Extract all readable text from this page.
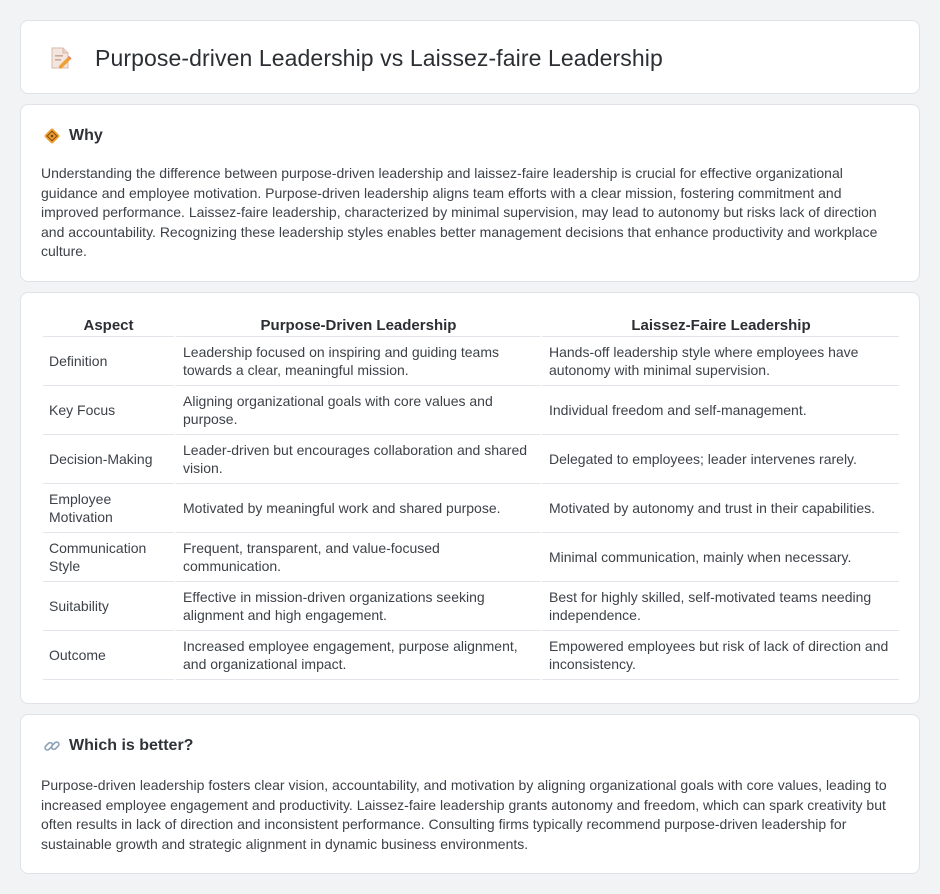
Purpose-driven Leadership vs Laissez-faire Leadership
Why

Understanding the difference between purpose-driven leadership and laissez-faire leadership is crucial for effective organizational guidance and employee motivation. Purpose-driven leadership aligns team efforts with a clear mission, fostering commitment and improved performance. Laissez-faire leadership, characterized by minimal supervision, may lead to autonomy but risks lack of direction and accountability. Recognizing these leadership styles enables better management decisions that enhance productivity and workplace culture.

Aspect	Purpose-Driven Leadership	Laissez-Faire Leadership
Definition	Leadership focused on inspiring and guiding teams towards a clear, meaningful mission.	Hands-off leadership style where employees have autonomy with minimal supervision.
Key Focus	Aligning organizational goals with core values and purpose.	Individual freedom and self-management.
Decision-Making	Leader-driven but encourages collaboration and shared vision.	Delegated to employees; leader intervenes rarely.
Employee Motivation	Motivated by meaningful work and shared purpose.	Motivated by autonomy and trust in their capabilities.
Communication Style	Frequent, transparent, and value-focused communication.	Minimal communication, mainly when necessary.
Suitability	Effective in mission-driven organizations seeking alignment and high engagement.	Best for highly skilled, self-motivated teams needing independence.
Outcome	Increased employee engagement, purpose alignment, and organizational impact.	Empowered employees but risk of lack of direction and inconsistency.
Which is better?

Purpose-driven leadership fosters clear vision, accountability, and motivation by aligning organizational goals with core values, leading to increased employee engagement and productivity. Laissez-faire leadership grants autonomy and freedom, which can spark creativity but often results in lack of direction and inconsistent performance. Consulting firms typically recommend purpose-driven leadership for sustainable growth and strategic alignment in dynamic business environments.
